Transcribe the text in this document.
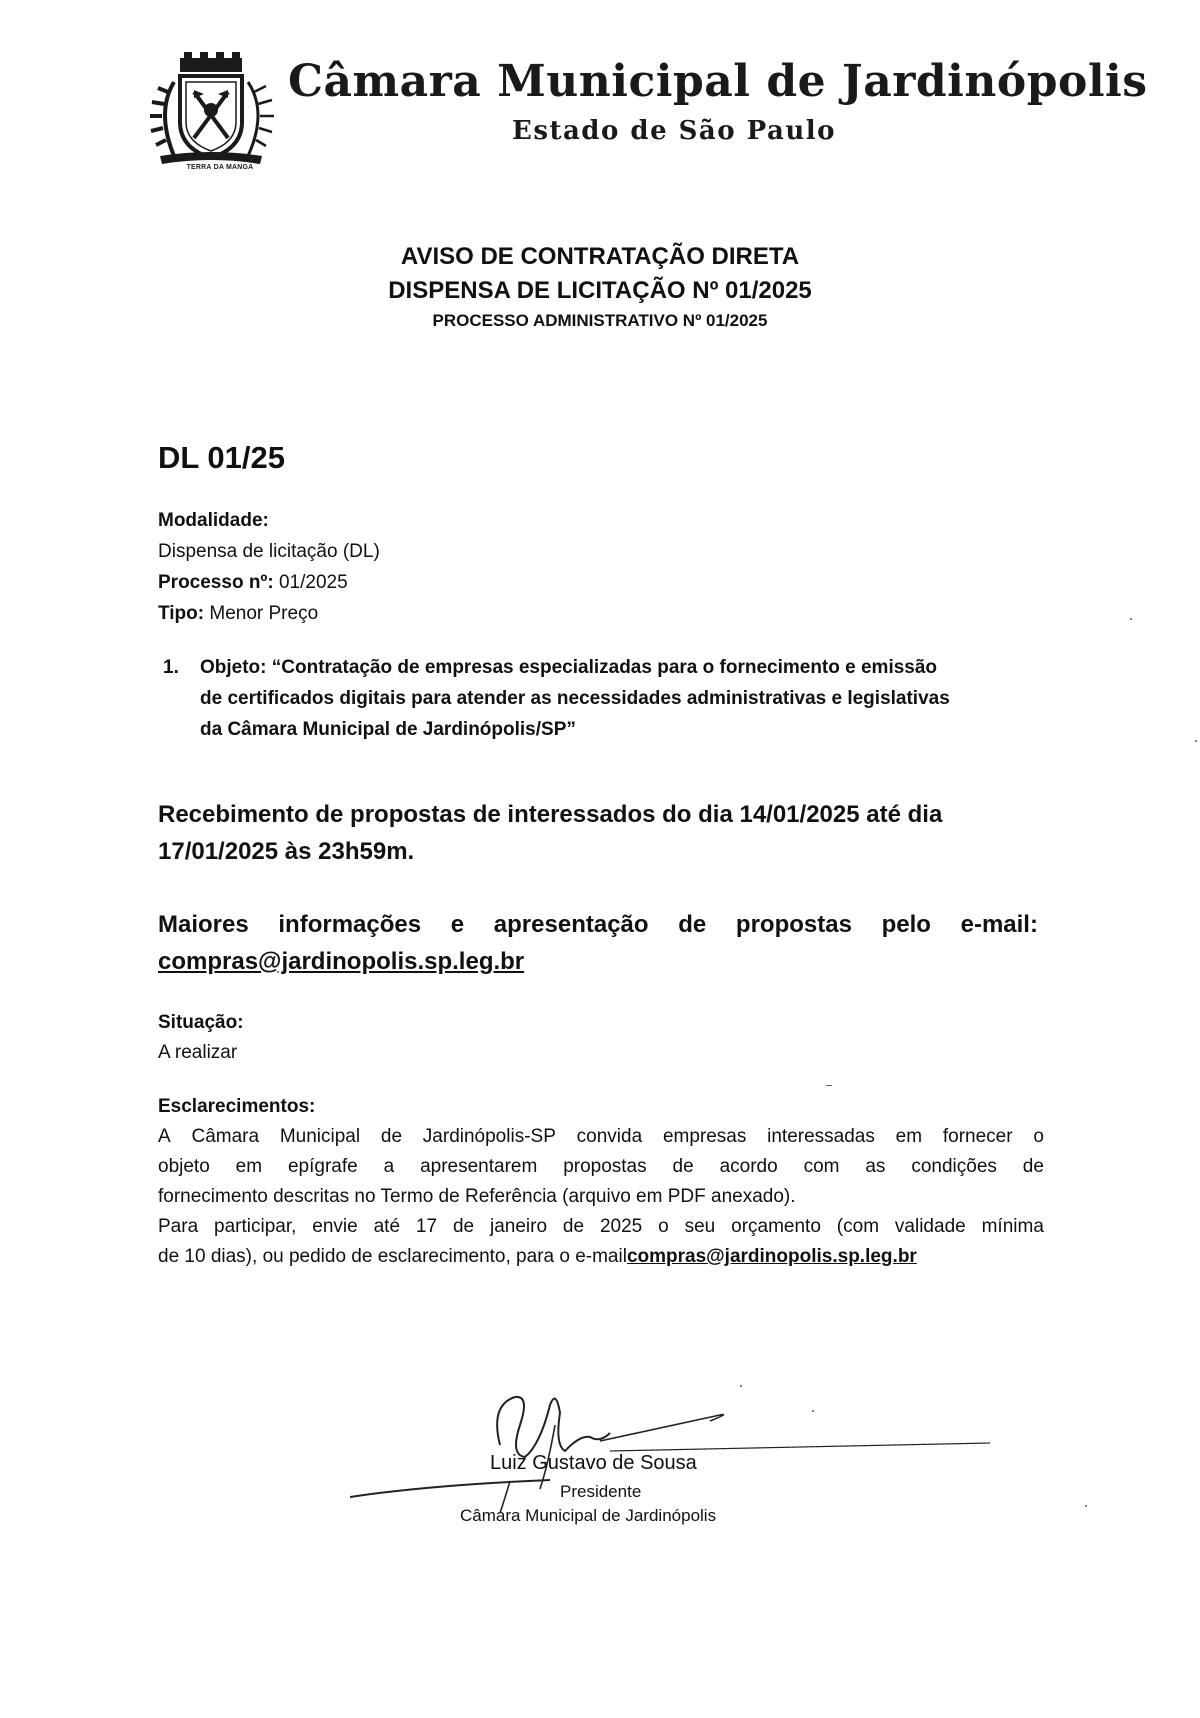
TERRA DA MANGA
Câmara Municipal de Jardinópolis
Estado de São Paulo
AVISO DE CONTRATAÇÃO DIRETA
DISPENSA DE LICITAÇÃO Nº 01/2025
PROCESSO ADMINISTRATIVO Nº 01/2025
DL 01/25
Modalidade:
Dispensa de licitação (DL)
Processo nº: 01/2025
Tipo: Menor Preço
1. Objeto: “Contratação de empresas especializadas para o fornecimento e emissão
de certificados digitais para atender as necessidades administrativas e legislativas
da Câmara Municipal de Jardinópolis/SP”
Recebimento de propostas de interessados do dia 14/01/2025 até dia
17/01/2025 às 23h59m.
Maiores informações e apresentação de propostas pelo e-mail:
compras@jardinopolis.sp.leg.br
Situação:
A realizar
Esclarecimentos:
A Câmara Municipal de Jardinópolis-SP convida empresas interessadas em fornecer o
objeto em epígrafe a apresentarem propostas de acordo com as condições de
fornecimento descritas no Termo de Referência (arquivo em PDF anexado).
Para participar, envie até 17 de janeiro de 2025 o seu orçamento (com validade mínima
de 10 dias), ou pedido de esclarecimento, para o e-mail compras@jardinopolis.sp.leg.br
Luiz Gustavo de Sousa
Presidente
Câmara Municipal de Jardinópolis
